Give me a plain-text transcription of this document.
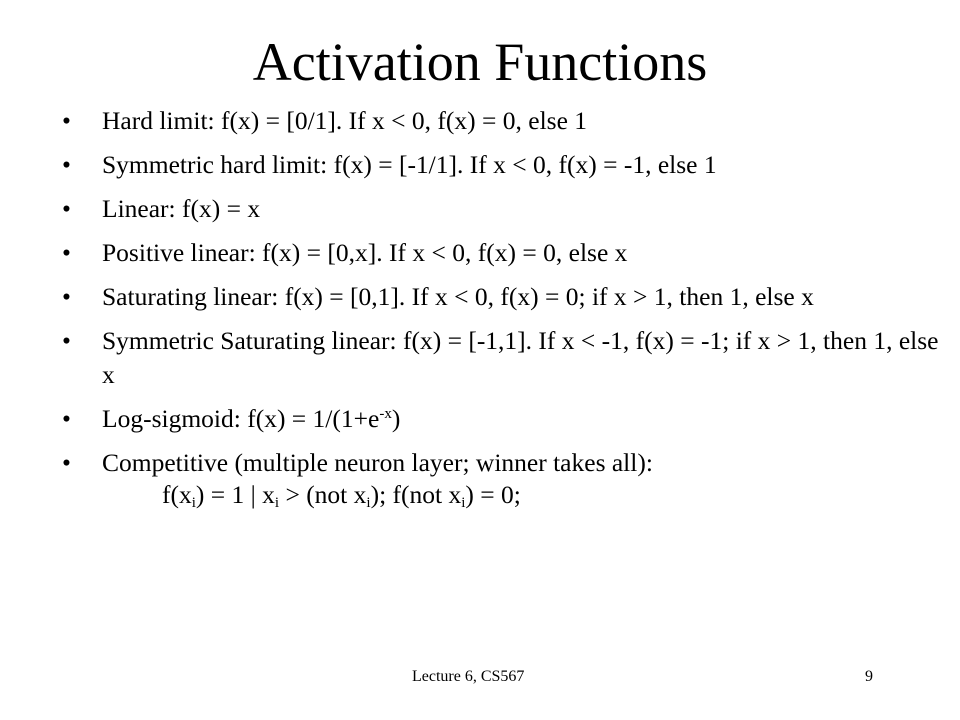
Activation Functions
• Hard limit: f(x) = [0/1]. If x < 0, f(x) = 0, else 1
• Symmetric hard limit: f(x) = [-1/1]. If x < 0, f(x) = -1, else 1
• Linear: f(x) = x
• Positive linear: f(x) = [0,x]. If x < 0, f(x) = 0, else x
• Saturating linear: f(x) = [0,1]. If x < 0, f(x) = 0; if x > 1, then 1, else x
• Symmetric Saturating linear: f(x) = [-1,1]. If x < -1, f(x) = -1; if x > 1, then 1, else x
• Log-sigmoid: $f(x) = 1/(1+e^{-x})$
• Competitive (multiple neuron layer; winner takes all):
$f(x_i) = 1$ | $x_i > (not$ $x_i$); f(not $x_i) = 0$;
Lecture 6, CS567	9
